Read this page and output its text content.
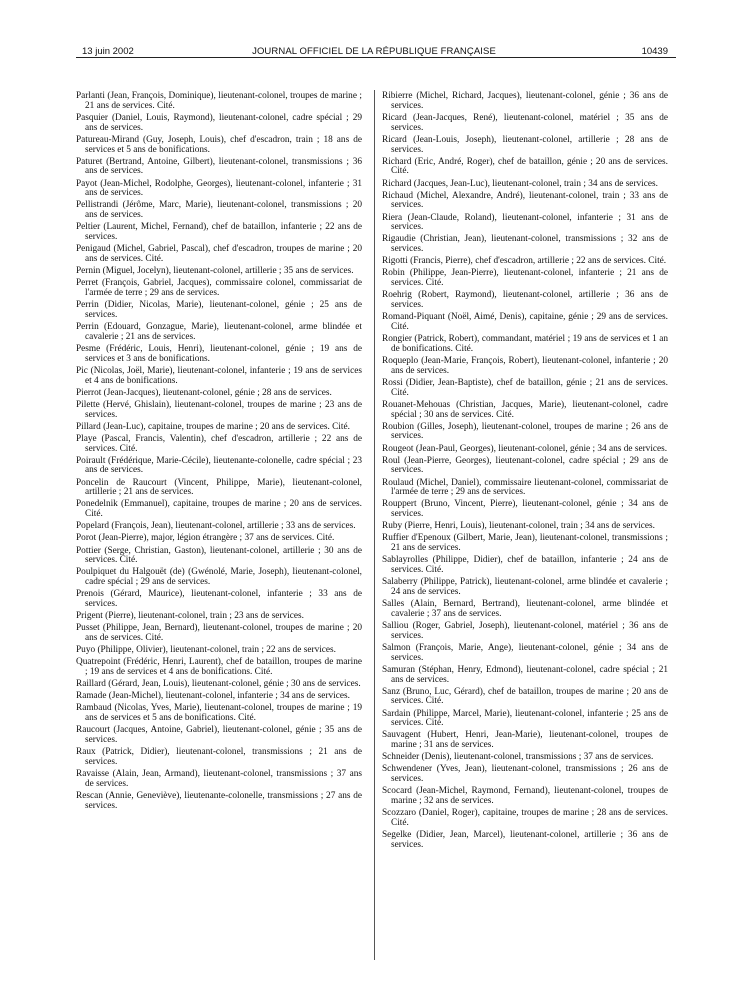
13 juin 2002	JOURNAL OFFICIEL DE LA RÉPUBLIQUE FRANÇAISE	10439

Parlanti (Jean, François, Dominique), lieutenant-colonel, troupes de marine ; 21 ans de services. Cité.

Pasquier (Daniel, Louis, Raymond), lieutenant-colonel, cadre spécial ; 29 ans de services.

Patureau-Mirand (Guy, Joseph, Louis), chef d'escadron, train ; 18 ans de services et 5 ans de bonifications.

Paturet (Bertrand, Antoine, Gilbert), lieutenant-colonel, transmissions ; 36 ans de services.

Payot (Jean-Michel, Rodolphe, Georges), lieutenant-colonel, infanterie ; 31 ans de services.

Pellistrandi (Jérôme, Marc, Marie), lieutenant-colonel, transmissions ; 20 ans de services.

Peltier (Laurent, Michel, Fernand), chef de bataillon, infanterie ; 22 ans de services.

Penigaud (Michel, Gabriel, Pascal), chef d'escadron, troupes de marine ; 20 ans de services. Cité.

Pernin (Miguel, Jocelyn), lieutenant-colonel, artillerie ; 35 ans de services.

Perret (François, Gabriel, Jacques), commissaire colonel, commissariat de l'armée de terre ; 29 ans de services.

Perrin (Didier, Nicolas, Marie), lieutenant-colonel, génie ; 25 ans de services.

Perrin (Edouard, Gonzague, Marie), lieutenant-colonel, arme blindée et cavalerie ; 21 ans de services.

Pesme (Frédéric, Louis, Henri), lieutenant-colonel, génie ; 19 ans de services et 3 ans de bonifications.

Pic (Nicolas, Joël, Marie), lieutenant-colonel, infanterie ; 19 ans de services et 4 ans de bonifications.

Pierrot (Jean-Jacques), lieutenant-colonel, génie ; 28 ans de services.

Pilette (Hervé, Ghislain), lieutenant-colonel, troupes de marine ; 23 ans de services.

Pillard (Jean-Luc), capitaine, troupes de marine ; 20 ans de services. Cité.

Playe (Pascal, Francis, Valentin), chef d'escadron, artillerie ; 22 ans de services. Cité.

Poirault (Frédérique, Marie-Cécile), lieutenante-colonelle, cadre spécial ; 23 ans de services.

Poncelin de Raucourt (Vincent, Philippe, Marie), lieutenant-colonel, artillerie ; 21 ans de services.

Ponedelnik (Emmanuel), capitaine, troupes de marine ; 20 ans de services. Cité.

Popelard (François, Jean), lieutenant-colonel, artillerie ; 33 ans de services.

Porot (Jean-Pierre), major, légion étrangère ; 37 ans de services. Cité.

Pottier (Serge, Christian, Gaston), lieutenant-colonel, artillerie ; 30 ans de services. Cité.

Poulpiquet du Halgouët (de) (Gwénolé, Marie, Joseph), lieutenant-colonel, cadre spécial ; 29 ans de services.

Prenois (Gérard, Maurice), lieutenant-colonel, infanterie ; 33 ans de services.

Prigent (Pierre), lieutenant-colonel, train ; 23 ans de services.

Pusset (Philippe, Jean, Bernard), lieutenant-colonel, troupes de marine ; 20 ans de services. Cité.

Puyo (Philippe, Olivier), lieutenant-colonel, train ; 22 ans de services.

Quatrepoint (Frédéric, Henri, Laurent), chef de bataillon, troupes de marine ; 19 ans de services et 4 ans de bonifications. Cité.

Raillard (Gérard, Jean, Louis), lieutenant-colonel, génie ; 30 ans de services.

Ramade (Jean-Michel), lieutenant-colonel, infanterie ; 34 ans de services.

Rambaud (Nicolas, Yves, Marie), lieutenant-colonel, troupes de marine ; 19 ans de services et 5 ans de bonifications. Cité.

Raucourt (Jacques, Antoine, Gabriel), lieutenant-colonel, génie ; 35 ans de services.

Raux (Patrick, Didier), lieutenant-colonel, transmissions ; 21 ans de services.

Ravaisse (Alain, Jean, Armand), lieutenant-colonel, transmissions ; 37 ans de services.

Rescan (Annie, Geneviève), lieutenante-colonelle, transmissions ; 27 ans de services.

Ribierre (Michel, Richard, Jacques), lieutenant-colonel, génie ; 36 ans de services.

Ricard (Jean-Jacques, René), lieutenant-colonel, matériel ; 35 ans de services.

Ricard (Jean-Louis, Joseph), lieutenant-colonel, artillerie ; 28 ans de services.

Richard (Eric, André, Roger), chef de bataillon, génie ; 20 ans de services. Cité.

Richard (Jacques, Jean-Luc), lieutenant-colonel, train ; 34 ans de services.

Richaud (Michel, Alexandre, André), lieutenant-colonel, train ; 33 ans de services.

Riera (Jean-Claude, Roland), lieutenant-colonel, infanterie ; 31 ans de services.

Rigaudie (Christian, Jean), lieutenant-colonel, transmissions ; 32 ans de services.

Rigotti (Francis, Pierre), chef d'escadron, artillerie ; 22 ans de services. Cité.

Robin (Philippe, Jean-Pierre), lieutenant-colonel, infanterie ; 21 ans de services. Cité.

Roehrig (Robert, Raymond), lieutenant-colonel, artillerie ; 36 ans de services.

Romand-Piquant (Noël, Aimé, Denis), capitaine, génie ; 29 ans de services. Cité.

Rongier (Patrick, Robert), commandant, matériel ; 19 ans de services et 1 an de bonifications. Cité.

Roqueplo (Jean-Marie, François, Robert), lieutenant-colonel, infanterie ; 20 ans de services.

Rossi (Didier, Jean-Baptiste), chef de bataillon, génie ; 21 ans de services. Cité.

Rouanet-Mehouas (Christian, Jacques, Marie), lieutenant-colonel, cadre spécial ; 30 ans de services. Cité.

Roubion (Gilles, Joseph), lieutenant-colonel, troupes de marine ; 26 ans de services.

Rougeot (Jean-Paul, Georges), lieutenant-colonel, génie ; 34 ans de services.

Roul (Jean-Pierre, Georges), lieutenant-colonel, cadre spécial ; 29 ans de services.

Roulaud (Michel, Daniel), commissaire lieutenant-colonel, commissariat de l'armée de terre ; 29 ans de services.

Rouppert (Bruno, Vincent, Pierre), lieutenant-colonel, génie ; 34 ans de services.

Ruby (Pierre, Henri, Louis), lieutenant-colonel, train ; 34 ans de services.

Ruffier d'Epenoux (Gilbert, Marie, Jean), lieutenant-colonel, transmissions ; 21 ans de services.

Sablayrolles (Philippe, Didier), chef de bataillon, infanterie ; 24 ans de services. Cité.

Salaberry (Philippe, Patrick), lieutenant-colonel, arme blindée et cavalerie ; 24 ans de services.

Salles (Alain, Bernard, Bertrand), lieutenant-colonel, arme blindée et cavalerie ; 37 ans de services.

Salliou (Roger, Gabriel, Joseph), lieutenant-colonel, matériel ; 36 ans de services.

Salmon (François, Marie, Ange), lieutenant-colonel, génie ; 34 ans de services.

Samuran (Stéphan, Henry, Edmond), lieutenant-colonel, cadre spécial ; 21 ans de services.

Sanz (Bruno, Luc, Gérard), chef de bataillon, troupes de marine ; 20 ans de services. Cité.

Sardain (Philippe, Marcel, Marie), lieutenant-colonel, infanterie ; 25 ans de services. Cité.

Sauvagent (Hubert, Henri, Jean-Marie), lieutenant-colonel, troupes de marine ; 31 ans de services.

Schneider (Denis), lieutenant-colonel, transmissions ; 37 ans de services.

Schwendener (Yves, Jean), lieutenant-colonel, transmissions ; 26 ans de services.

Scocard (Jean-Michel, Raymond, Fernand), lieutenant-colonel, troupes de marine ; 32 ans de services.

Scozzaro (Daniel, Roger), capitaine, troupes de marine ; 28 ans de services. Cité.

Segelke (Didier, Jean, Marcel), lieutenant-colonel, artillerie ; 36 ans de services.
